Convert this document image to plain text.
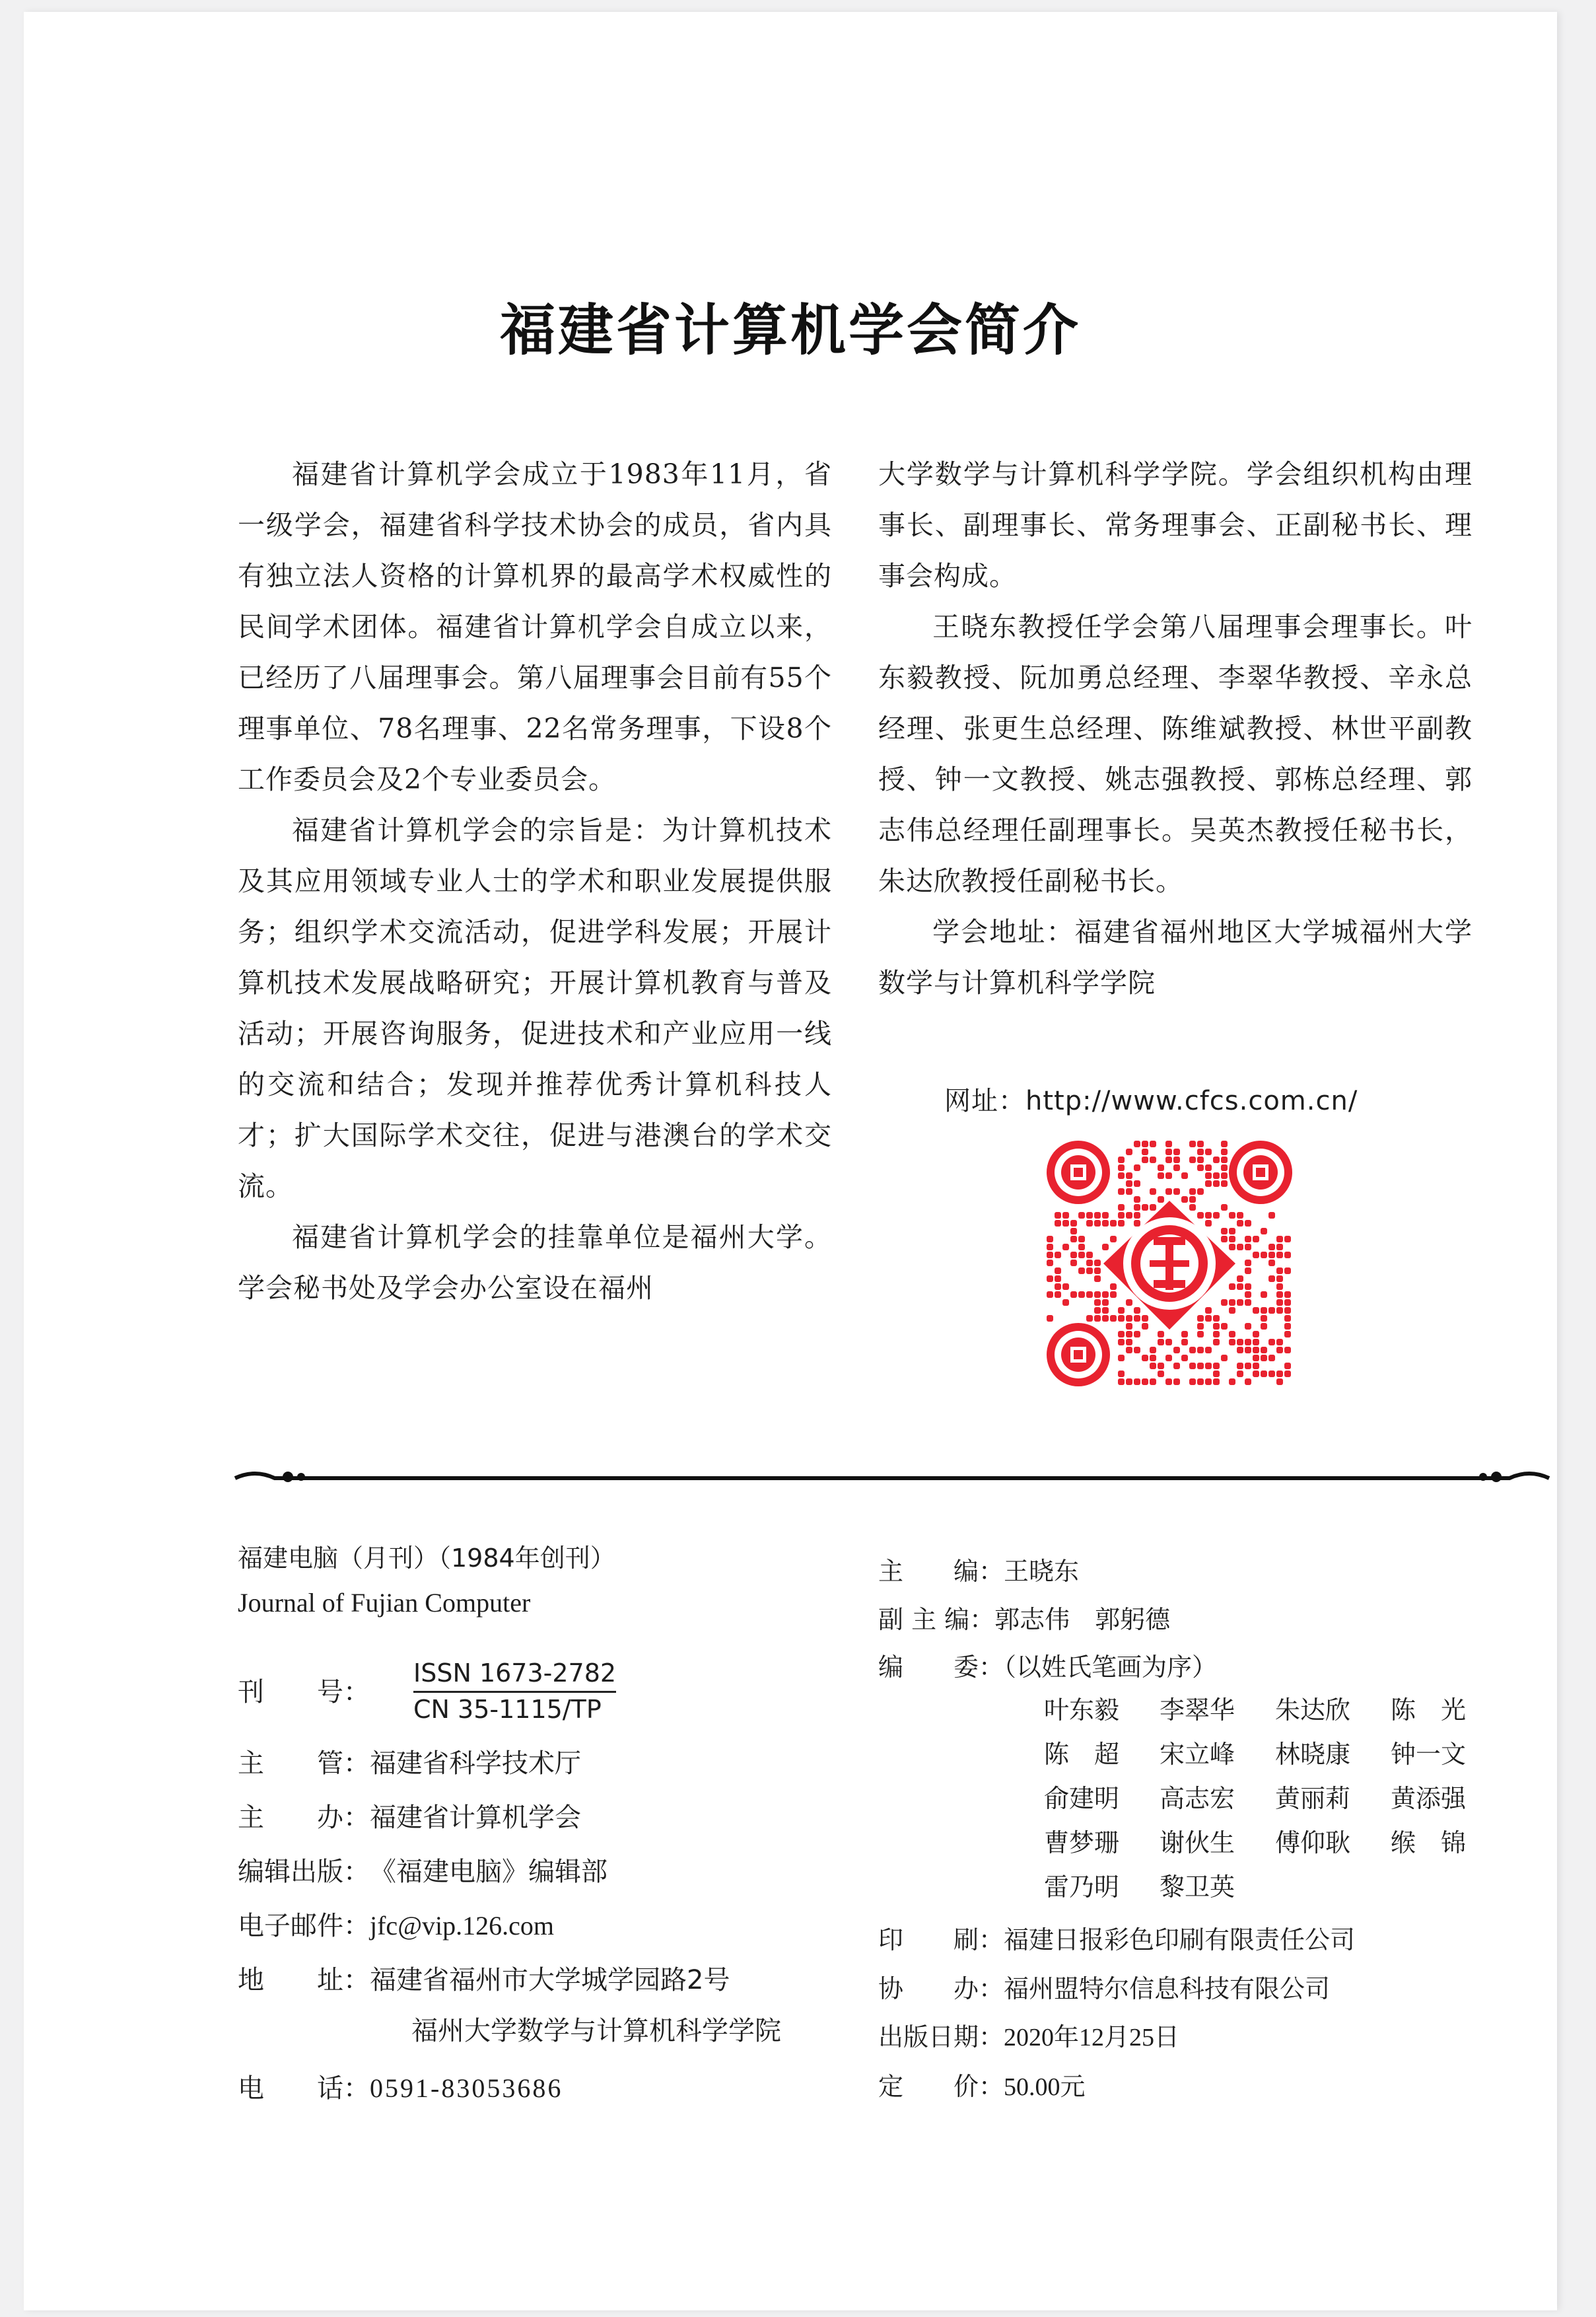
福建省计算机学会简介

福建省计算机学会成立于1983年11月，省一级学会，福建省科学技术协会的成员，省内具有独立法人资格的计算机界的最高学术权威性的民间学术团体。福建省计算机学会自成立以来，已经历了八届理事会。第八届理事会目前有55个理事单位、78名理事、22名常务理事，下设8个工作委员会及2个专业委员会。

福建省计算机学会的宗旨是：为计算机技术及其应用领域专业人士的学术和职业发展提供服务；组织学术交流活动，促进学科发展；开展计算机技术发展战略研究；开展计算机教育与普及活动；开展咨询服务，促进技术和产业应用一线的交流和结合；发现并推荐优秀计算机科技人才；扩大国际学术交往，促进与港澳台的学术交流。

福建省计算机学会的挂靠单位是福州大学。学会秘书处及学会办公室设在福州

大学数学与计算机科学学院。学会组织机构由理事长、副理事长、常务理事会、正副秘书长、理事会构成。

王晓东教授任学会第八届理事会理事长。叶东毅教授、阮加勇总经理、李翠华教授、辛永总经理、张更生总经理、陈维斌教授、林世平副教授、钟一文教授、姚志强教授、郭栋总经理、郭志伟总经理任副理事长。吴英杰教授任秘书长，朱达欣教授任副秘书长。

学会地址：福建省福州地区大学城福州大学数学与计算机科学学院

网址：http://www.cfcs.com.cn/
福建电脑（月刊）（1984年创刊）
Journal of Fujian Computer
刊　　号：
ISSN 1673-2782
CN 35-1115/TP
主　　管：福建省科学技术厅
主　　办：福建省计算机学会
编辑出版：《福建电脑》编辑部
电子邮件：jfc@vip.126.com
地　　址：福建省福州市大学城学园路2号
福州大学数学与计算机科学学院
电　　话：0591-83053686
主　　编：王晓东
副 主 编：郭志伟　郭躬德
编　　委：（以姓氏笔画为序）
叶东毅 李翠华 朱达欣 陈　光
陈　超 宋立峰 林晓康 钟一文
俞建明 高志宏 黄丽莉 黄添强
曹梦珊 谢伙生 傅仰耿 缑　锦
雷乃明 黎卫英
印　　刷：福建日报彩色印刷有限责任公司
协　　办：福州盟特尔信息科技有限公司
出版日期：2020年12月25日
定　　价：50.00元
